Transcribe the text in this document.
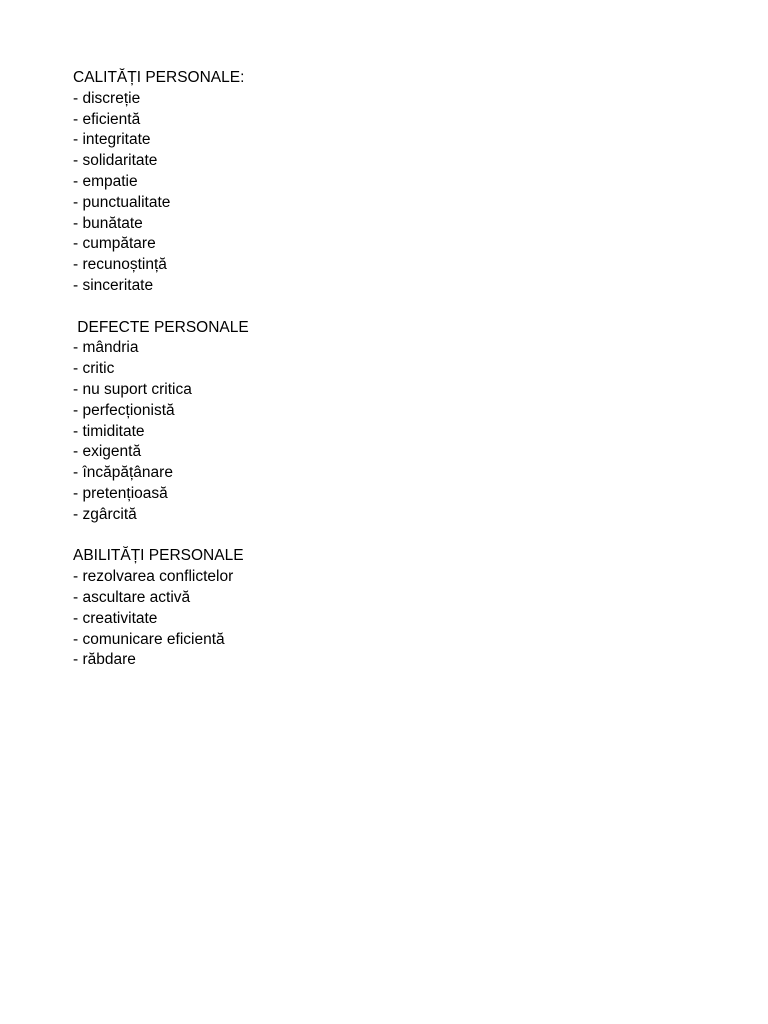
CALITĂȚI PERSONALE:

- discreție
- eficientă
- integritate
- solidaritate
- empatie
- punctualitate
- bunătate
- cumpătare
- recunoștință
- sinceritate

DEFECTE PERSONALE

- mândria
- critic
- nu suport critica
- perfecționistă
- timiditate
- exigentă
- încăpățânare
- pretențioasă
- zgârcită

ABILITĂȚI PERSONALE

- rezolvarea conflictelor
- ascultare activă
- creativitate
- comunicare eficientă
- răbdare
